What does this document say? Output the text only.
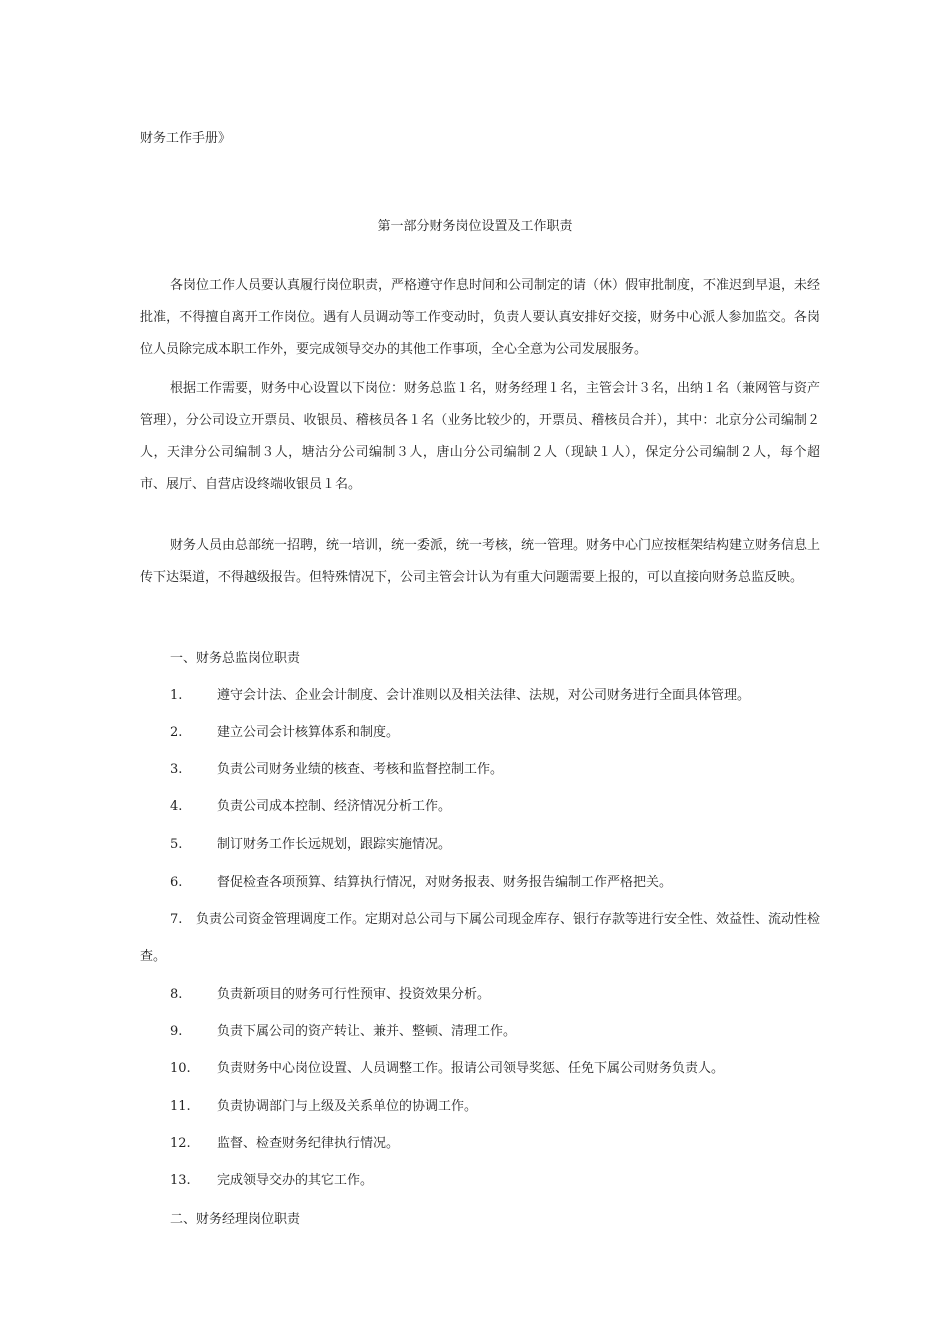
财务工作手册》
第一部分财务岗位设置及工作职责

各岗位工作人员要认真履行岗位职责，严格遵守作息时间和公司制定的请（休）假审批制度，不准迟到早退，未经批准，不得擅自离开工作岗位。遇有人员调动等工作变动时，负责人要认真安排好交接，财务中心派人参加监交。各岗位人员除完成本职工作外，要完成领导交办的其他工作事项，全心全意为公司发展服务。

根据工作需要，财务中心设置以下岗位：财务总监１名，财务经理１名，主管会计３名，出纳１名（兼网管与资产管理），分公司设立开票员、收银员、稽核员各１名（业务比较少的，开票员、稽核员合并），其中：北京分公司编制２人，天津分公司编制３人，塘沽分公司编制３人，唐山分公司编制２人（现缺１人），保定分公司编制２人，每个超市、展厅、自营店设终端收银员１名。

财务人员由总部统一招聘，统一培训，统一委派，统一考核，统一管理。财务中心门应按框架结构建立财务信息上传下达渠道，不得越级报告。但特殊情况下，公司主管会计认为有重大问题需要上报的，可以直接向财务总监反映。

一、财务总监岗位职责
1.	遵守会计法、企业会计制度、会计准则以及相关法律、法规，对公司财务进行全面具体管理。
2.	建立公司会计核算体系和制度。
3.	负责公司财务业绩的核查、考核和监督控制工作。
4.	负责公司成本控制、经济情况分析工作。
5.	制订财务工作长远规划，跟踪实施情况。
6.	督促检查各项预算、结算执行情况，对财务报表、财务报告编制工作严格把关。

7. 负责公司资金管理调度工作。定期对总公司与下属公司现金库存、银行存款等进行安全性、效益性、流动性检查。

8.	负责新项目的财务可行性预审、投资效果分析。
9.	负责下属公司的资产转让、兼并、整顿、清理工作。
10. 负责财务中心岗位设置、人员调整工作。报请公司领导奖惩、任免下属公司财务负责人。
11. 负责协调部门与上级及关系单位的协调工作。
12. 监督、检查财务纪律执行情况。
13. 完成领导交办的其它工作。
二、财务经理岗位职责
